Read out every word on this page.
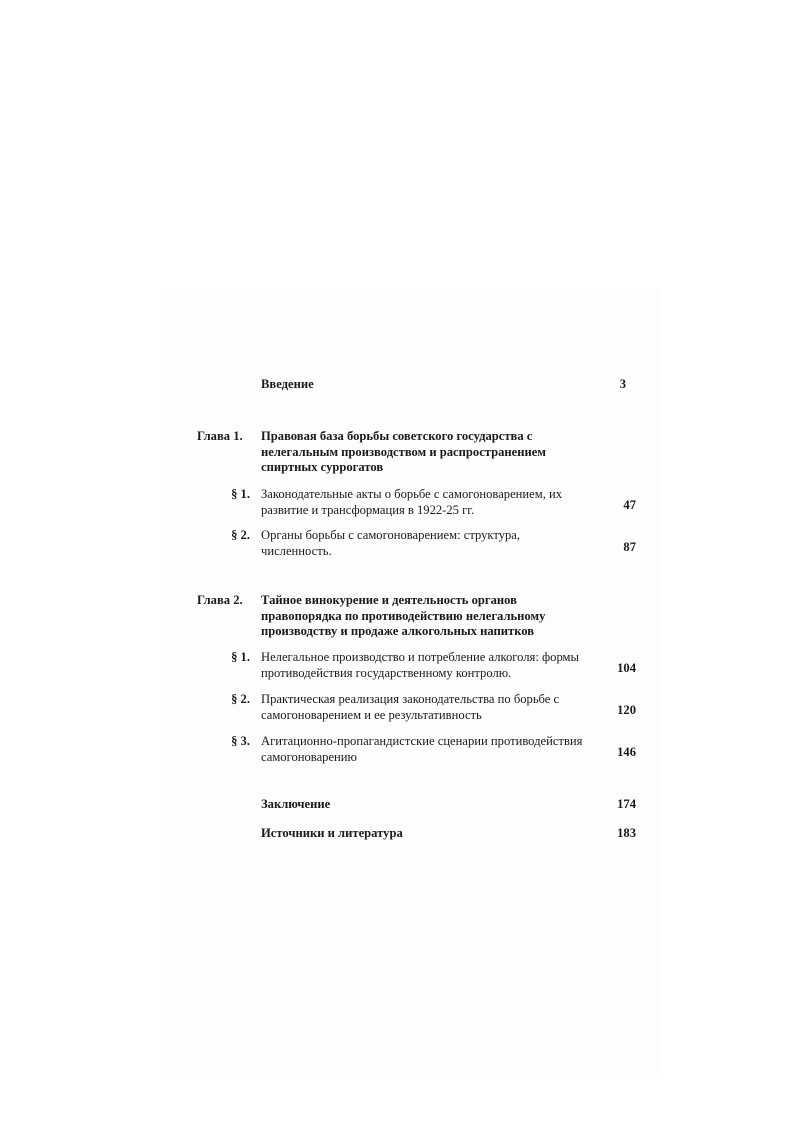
Введение	3
Глава 1. Правовая база борьбы советского государства с нелегальным производством и распространением спиртных суррогатов
§ 1. Законодательные акты о борьбе с самогоноварением, их развитие и трансформация в 1922-25 гг.	47
§ 2. Органы борьбы с самогоноварением: структура, численность.	87
Глава 2. Тайное винокурение и деятельность органов правопорядка по противодействию нелегальному производству и продаже алкогольных напитков
§ 1. Нелегальное производство и потребление алкоголя: формы противодействия государственному контролю.	104
§ 2. Практическая реализация законодательства по борьбе с самогоноварением и ее результативность	120
§ 3. Агитационно-пропагандистские сценарии противодействия самогоноварению	146
Заключение	174
Источники и литература	183
